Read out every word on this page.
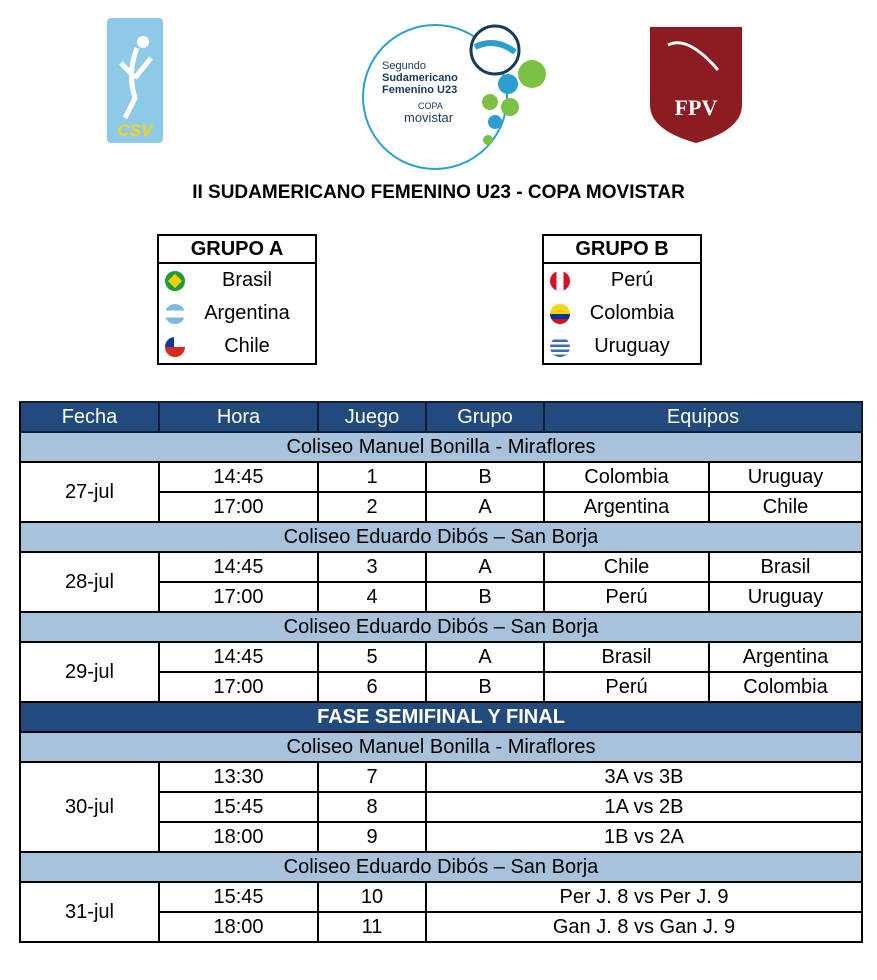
CSV
Segundo
Sudamericano
Femenino U23
COPA
movistar	FPV
II SUDAMERICANO FEMENINO U23 - COPA MOVISTAR
GRUPO A
Brasil
Argentina
Chile
GRUPO B
Perú
Colombia
Uruguay
Fecha	Hora	Juego	Grupo	Equipos	
Coliseo Manuel Bonilla - Miraflores					
27-jul	14:45	1	B	Colombia	Uruguay
	17:00	2	A	Argentina	Chile
Coliseo Eduardo Dibós – San Borja					
28-jul	14:45	3	A	Chile	Brasil
	17:00	4	B	Perú	Uruguay
Coliseo Eduardo Dibós – San Borja					
29-jul	14:45	5	A	Brasil	Argentina
	17:00	6	B	Perú	Colombia
FASE SEMIFINAL Y FINAL					
Coliseo Manuel Bonilla - Miraflores					
30-jul	13:30	7	3A vs 3B		
	15:45	8	1A vs 2B		
	18:00	9	1B vs 2A		
Coliseo Eduardo Dibós – San Borja					
31-jul	15:45	10	Per J. 8 vs Per J. 9		
	18:00	11	Gan J. 8 vs Gan J. 9		
